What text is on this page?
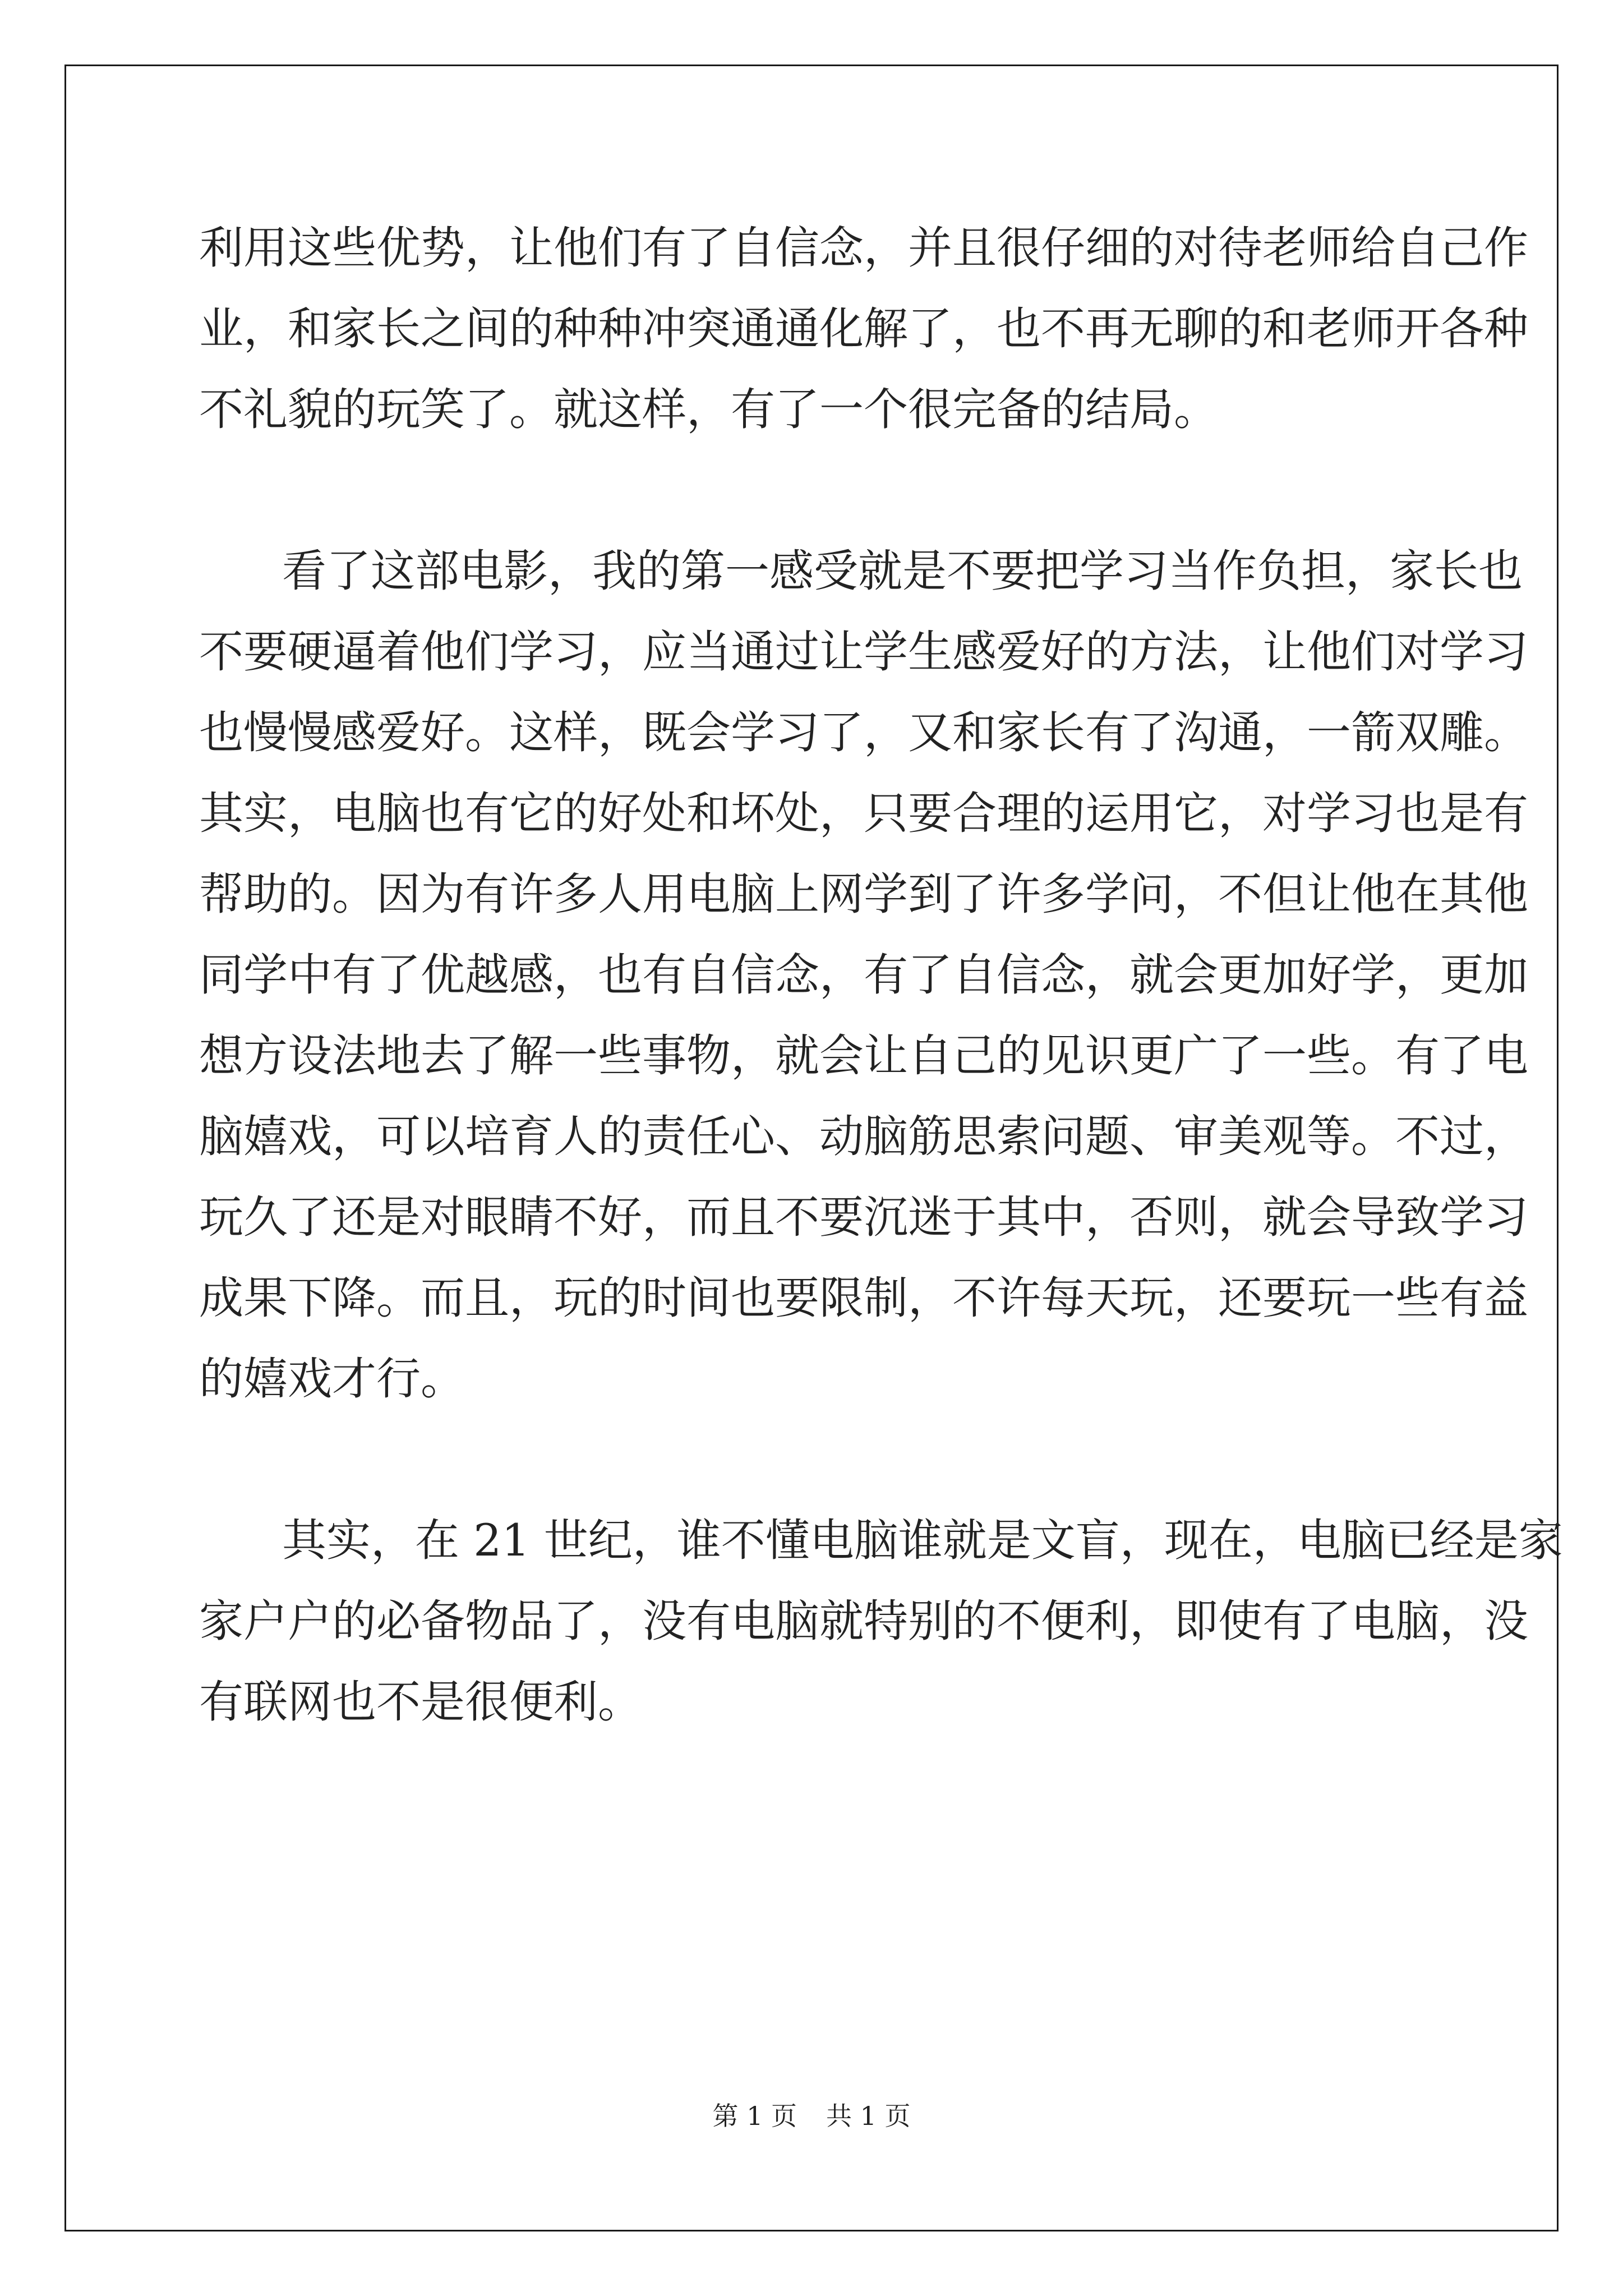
利用这些优势，让他们有了自信念，并且很仔细的对待老师给自己作
业，和家长之间的种种冲突通通化解了，也不再无聊的和老师开各种
不礼貌的玩笑了。就这样，有了一个很完备的结局。
看了这部电影，我的第一感受就是不要把学习当作负担，家长也
不要硬逼着他们学习，应当通过让学生感爱好的方法，让他们对学习
也慢慢感爱好。这样，既会学习了，又和家长有了沟通，一箭双雕。
其实，电脑也有它的好处和坏处，只要合理的运用它，对学习也是有
帮助的。因为有许多人用电脑上网学到了许多学问，不但让他在其他
同学中有了优越感，也有自信念，有了自信念，就会更加好学，更加
想方设法地去了解一些事物，就会让自己的见识更广了一些。有了电
脑嬉戏，可以培育人的责任心、动脑筋思索问题、审美观等。不过，
玩久了还是对眼睛不好，而且不要沉迷于其中，否则，就会导致学习
成果下降。而且，玩的时间也要限制，不许每天玩，还要玩一些有益
的嬉戏才行。
其实，在 21 世纪，谁不懂电脑谁就是文盲，现在，电脑已经是家
家户户的必备物品了，没有电脑就特别的不便利，即使有了电脑，没
有联网也不是很便利。
第 1 页 共 1 页
